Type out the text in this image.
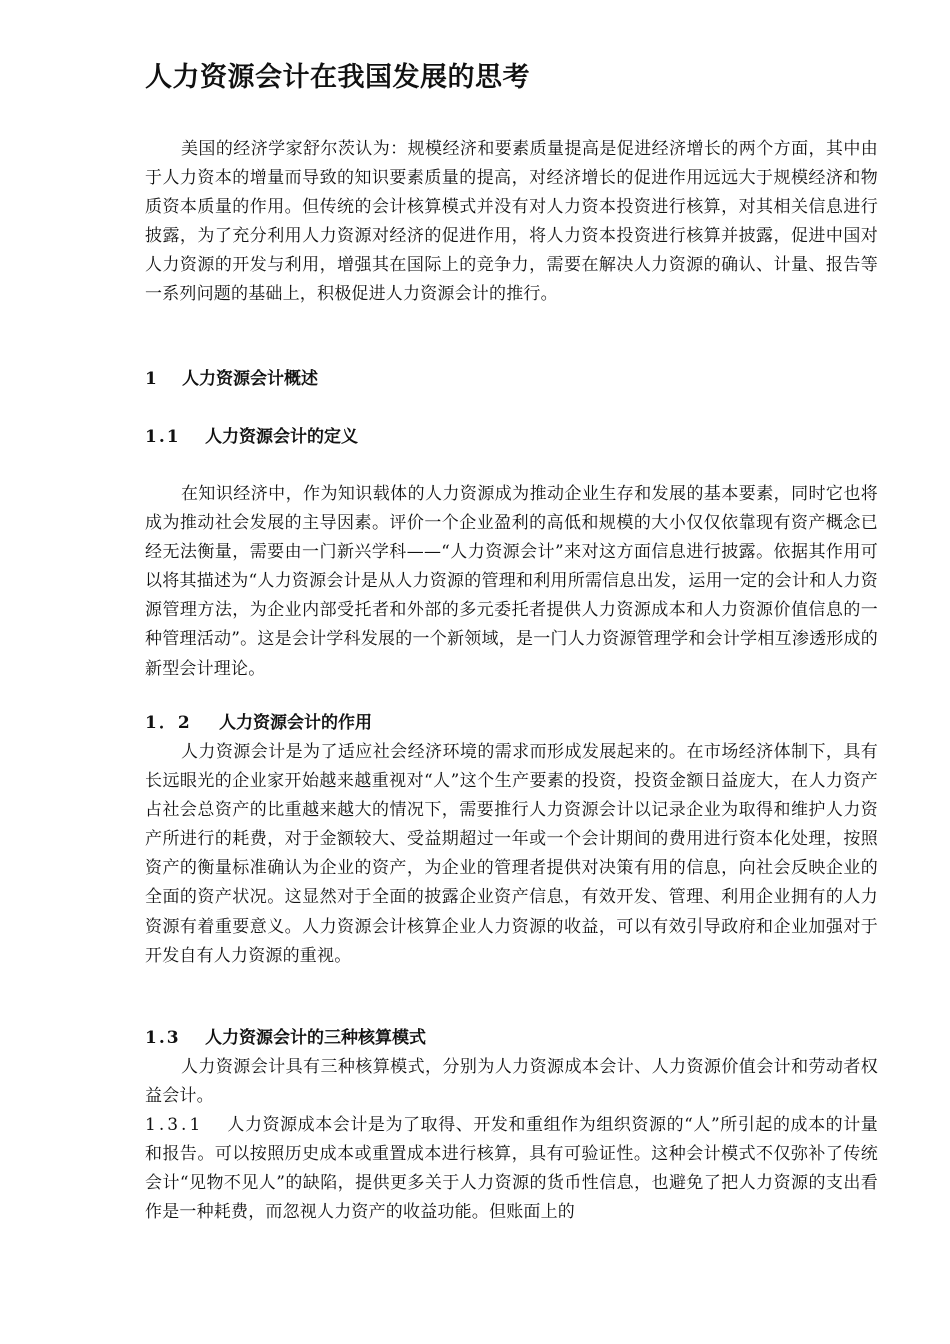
人力资源会计在我国发展的思考

美国的经济学家舒尔茨认为：规模经济和要素质量提高是促进经济增长的两个方面，其中由于人力资本的增量而导致的知识要素质量的提高，对经济增长的促进作用远远大于规模经济和物质资本质量的作用。但传统的会计核算模式并没有对人力资本投资进行核算，对其相关信息进行披露，为了充分利用人力资源对经济的促进作用，将人力资本投资进行核算并披露，促进中国对人力资源的开发与利用，增强其在国际上的竞争力，需要在解决人力资源的确认、计量、报告等一系列问题的基础上，积极促进人力资源会计的推行。

1 人力资源会计概述
1.1 人力资源会计的定义

在知识经济中，作为知识载体的人力资源成为推动企业生存和发展的基本要素，同时它也将成为推动社会发展的主导因素。评价一个企业盈利的高低和规模的大小仅仅依靠现有资产概念已经无法衡量，需要由一门新兴学科——“人力资源会计”来对这方面信息进行披露。依据其作用可以将其描述为“人力资源会计是从人力资源的管理和利用所需信息出发，运用一定的会计和人力资源管理方法，为企业内部受托者和外部的多元委托者提供人力资源成本和人力资源价值信息的一种管理活动”。这是会计学科发展的一个新领域，是一门人力资源管理学和会计学相互渗透形成的新型会计理论。

1．2 人力资源会计的作用

人力资源会计是为了适应社会经济环境的需求而形成发展起来的。在市场经济体制下，具有长远眼光的企业家开始越来越重视对“人”这个生产要素的投资，投资金额日益庞大，在人力资产占社会总资产的比重越来越大的情况下，需要推行人力资源会计以记录企业为取得和维护人力资产所进行的耗费，对于金额较大、受益期超过一年或一个会计期间的费用进行资本化处理，按照资产的衡量标准确认为企业的资产，为企业的管理者提供对决策有用的信息，向社会反映企业的全面的资产状况。这显然对于全面的披露企业资产信息，有效开发、管理、利用企业拥有的人力资源有着重要意义。人力资源会计核算企业人力资源的收益，可以有效引导政府和企业加强对于开发自有人力资源的重视。

1.3 人力资源会计的三种核算模式

人力资源会计具有三种核算模式，分别为人力资源成本会计、人力资源价值会计和劳动者权益会计。

1.3.1 人力资源成本会计是为了取得、开发和重组作为组织资源的“人”所引起的成本的计量和报告。可以按照历史成本或重置成本进行核算，具有可验证性。这种会计模式不仅弥补了传统会计“见物不见人”的缺陷，提供更多关于人力资源的货币性信息，也避免了把人力资源的支出看作是一种耗费，而忽视人力资产的收益功能。但账面上的
